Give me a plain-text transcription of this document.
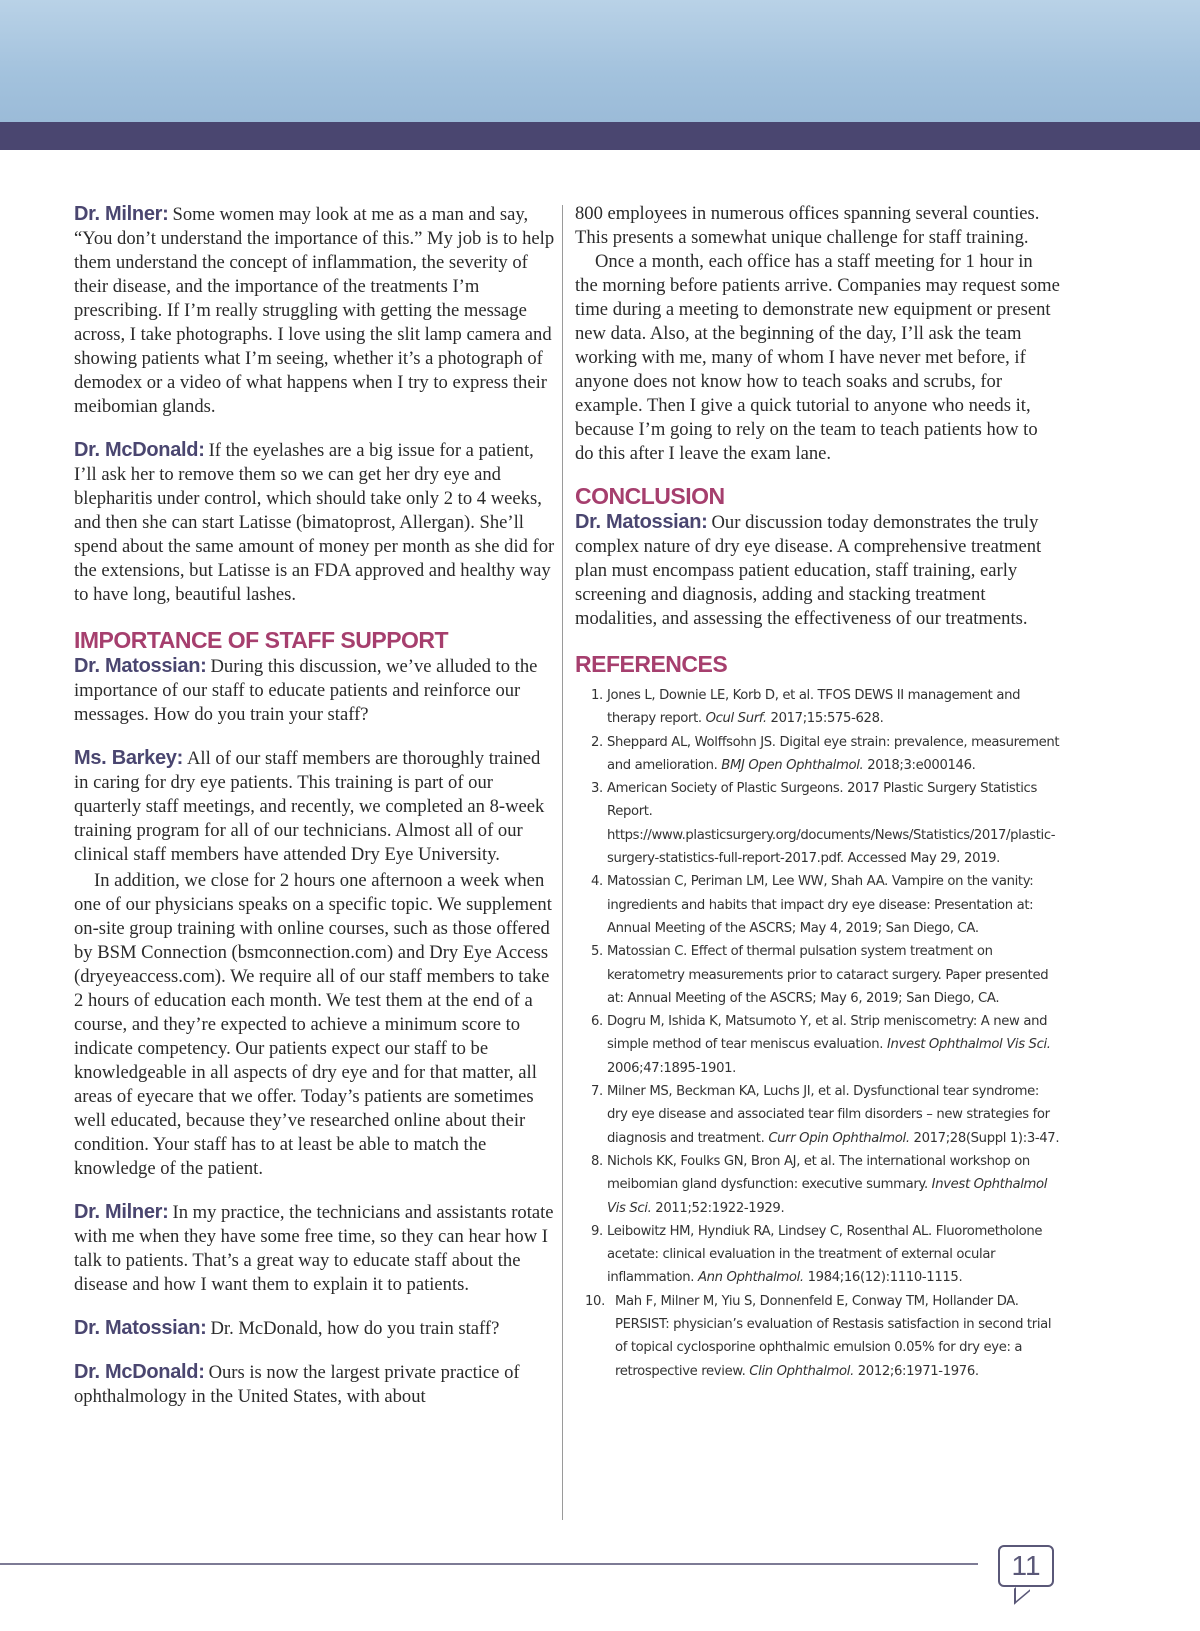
Dr. Milner: Some women may look at me as a man and say, “You don’t understand the importance of this.” My job is to help them understand the concept of inflammation, the severity of their disease, and the importance of the treatments I’m prescribing. If I’m really struggling with getting the message across, I take photographs. I love using the slit lamp camera and showing patients what I’m seeing, whether it’s a photograph of demodex or a video of what happens when I try to express their meibomian glands.

Dr. McDonald: If the eyelashes are a big issue for a patient, I’ll ask her to remove them so we can get her dry eye and blepharitis under control, which should take only 2 to 4 weeks, and then she can start Latisse (bimatoprost, Allergan). She’ll spend about the same amount of money per month as she did for the extensions, but Latisse is an FDA approved and healthy way to have long, beautiful lashes.

IMPORTANCE OF STAFF SUPPORT

Dr. Matossian: During this discussion, we’ve alluded to the importance of our staff to educate patients and reinforce our messages. How do you train your staff?

Ms. Barkey: All of our staff members are thoroughly trained in caring for dry eye patients. This training is part of our quarterly staff meetings, and recently, we completed an 8-week training program for all of our technicians. Almost all of our clinical staff members have attended Dry Eye University.

In addition, we close for 2 hours one afternoon a week when one of our physicians speaks on a specific topic. We supplement on-site group training with online courses, such as those offered by BSM Connection (bsmconnection.com) and Dry Eye Access (dryeyeaccess.com). We require all of our staff members to take 2 hours of education each month. We test them at the end of a course, and they’re expected to achieve a minimum score to indicate competency. Our patients expect our staff to be knowledgeable in all aspects of dry eye and for that matter, all areas of eyecare that we offer. Today’s patients are sometimes well educated, because they’ve researched online about their condition. Your staff has to at least be able to match the knowledge of the patient.

Dr. Milner: In my practice, the technicians and assistants rotate with me when they have some free time, so they can hear how I talk to patients. That’s a great way to educate staff about the disease and how I want them to explain it to patients.

Dr. Matossian: Dr. McDonald, how do you train staff?

Dr. McDonald: Ours is now the largest private practice of ophthalmology in the United States, with about

800 employees in numerous offices spanning several counties. This presents a somewhat unique challenge for staff training.

Once a month, each office has a staff meeting for 1 hour in the morning before patients arrive. Companies may request some time during a meeting to demonstrate new equipment or present new data. Also, at the beginning of the day, I’ll ask the team working with me, many of whom I have never met before, if anyone does not know how to teach soaks and scrubs, for example. Then I give a quick tutorial to anyone who needs it, because I’m going to rely on the team to teach patients how to do this after I leave the exam lane.

CONCLUSION

Dr. Matossian: Our discussion today demonstrates the truly complex nature of dry eye disease. A comprehensive treatment plan must encompass patient education, staff training, early screening and diagnosis, adding and stacking treatment modalities, and assessing the effectiveness of our treatments.

REFERENCES
1. Jones L, Downie LE, Korb D, et al. TFOS DEWS II management and therapy report. Ocul Surf. 2017;15:575-628.
2. Sheppard AL, Wolffsohn JS. Digital eye strain: prevalence, measurement and amelioration. BMJ Open Ophthalmol. 2018;3:e000146.
3. American Society of Plastic Surgeons. 2017 Plastic Surgery Statistics Report. https://www.plasticsurgery.org/documents/News/Statistics/2017/plastic-surgery-statistics-full-report-2017.pdf. Accessed May 29, 2019.
4. Matossian C, Periman LM, Lee WW, Shah AA. Vampire on the vanity: ingredients and habits that impact dry eye disease: Presentation at: Annual Meeting of the ASCRS; May 4, 2019; San Diego, CA.
5. Matossian C. Effect of thermal pulsation system treatment on keratometry measurements prior to cataract surgery. Paper presented at: Annual Meeting of the ASCRS; May 6, 2019; San Diego, CA.
6. Dogru M, Ishida K, Matsumoto Y, et al. Strip meniscometry: A new and simple method of tear meniscus evaluation. Invest Ophthalmol Vis Sci. 2006;47:1895-1901.
7. Milner MS, Beckman KA, Luchs JI, et al. Dysfunctional tear syndrome: dry eye disease and associated tear film disorders – new strategies for diagnosis and treatment. Curr Opin Ophthalmol. 2017;28(Suppl 1):3-47.
8. Nichols KK, Foulks GN, Bron AJ, et al. The international workshop on meibomian gland dysfunction: executive summary. Invest Ophthalmol Vis Sci. 2011;52:1922-1929.
9. Leibowitz HM, Hyndiuk RA, Lindsey C, Rosenthal AL. Fluorometholone acetate: clinical evaluation in the treatment of external ocular inflammation. Ann Ophthalmol. 1984;16(12):1110-1115.
10. Mah F, Milner M, Yiu S, Donnenfeld E, Conway TM, Hollander DA. PERSIST: physician’s evaluation of Restasis satisfaction in second trial of topical cyclosporine ophthalmic emulsion 0.05% for dry eye: a retrospective review. Clin Ophthalmol. 2012;6:1971-1976.
11
